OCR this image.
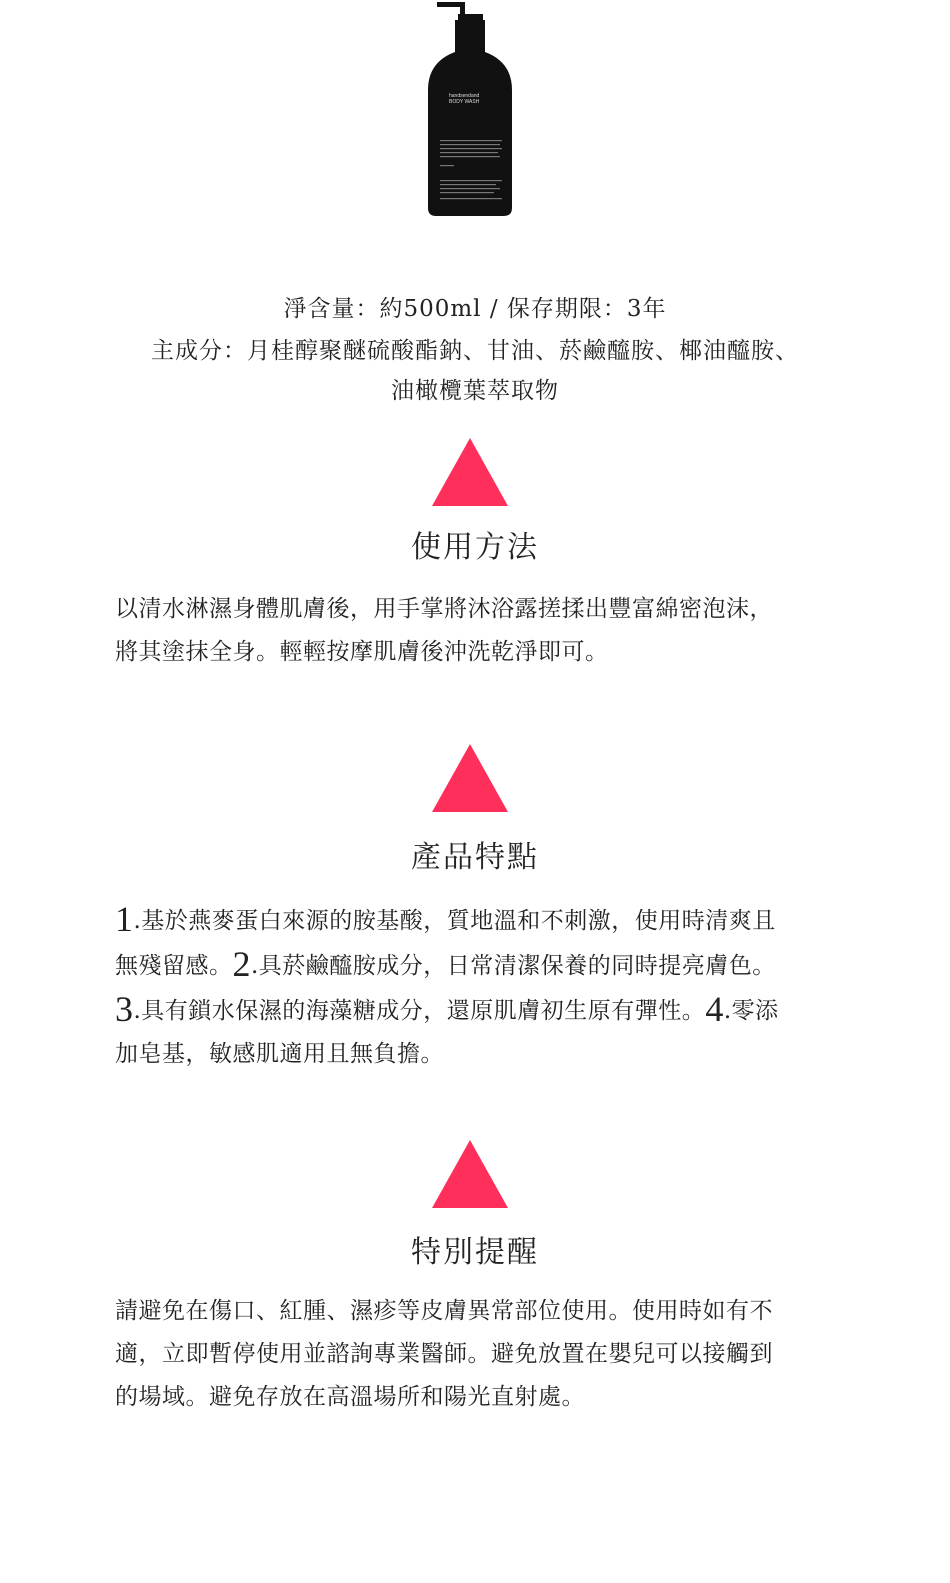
handsendand
BODY WASH
淨含量：約500ml / 保存期限：3年
主成分：月桂醇聚醚硫酸酯鈉、甘油、菸鹼醯胺、椰油醯胺、
油橄欖葉萃取物
使用方法
以清水淋濕身體肌膚後，用手掌將沐浴露搓揉出豐富綿密泡沫，
將其塗抹全身。輕輕按摩肌膚後沖洗乾淨即可。
產品特點
1.基於燕麥蛋白來源的胺基酸，質地溫和不刺激，使用時清爽且
無殘留感。2.具菸鹼醯胺成分，日常清潔保養的同時提亮膚色。
3.具有鎖水保濕的海藻糖成分，還原肌膚初生原有彈性。4.零添
加皂基，敏感肌適用且無負擔。
特別提醒
請避免在傷口、紅腫、濕疹等皮膚異常部位使用。使用時如有不
適，立即暫停使用並諮詢專業醫師。避免放置在嬰兒可以接觸到
的場域。避免存放在高溫場所和陽光直射處。
